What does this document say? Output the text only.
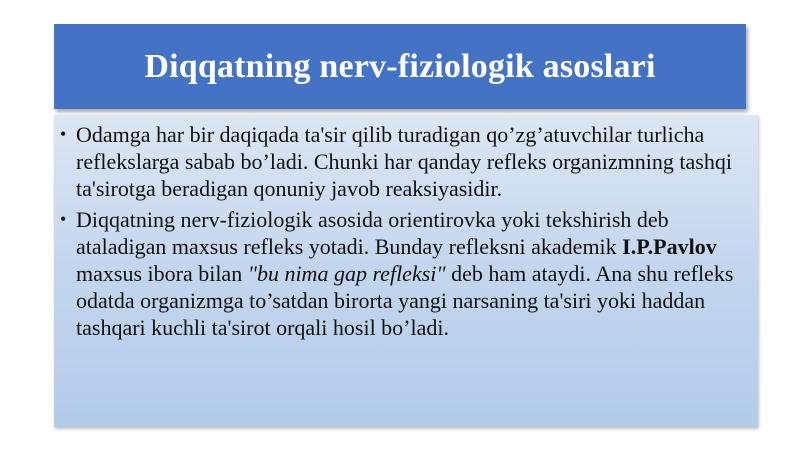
Diqqatning nerv-fiziologik asoslari
• Odamga har bir daqiqada ta'sir qilib turadigan qo’zg’atuvchilar turlicha reflekslarga sabab bo’ladi. Chunki har qanday refleks organizmning tashqi ta'sirotga beradigan qonuniy javob reaksiyasidir.
• Diqqatning nerv-fiziologik asosida orientirovka yoki tekshirish deb ataladigan maxsus refleks yotadi. Bunday refleksni akademik I.P.Pavlov maxsus ibora bilan "bu nima gap refleksi" deb ham ataydi. Ana shu refleks odatda organizmga to’satdan birorta yangi narsaning ta'siri yoki haddan tashqari kuchli ta'sirot orqali hosil bo’ladi.
